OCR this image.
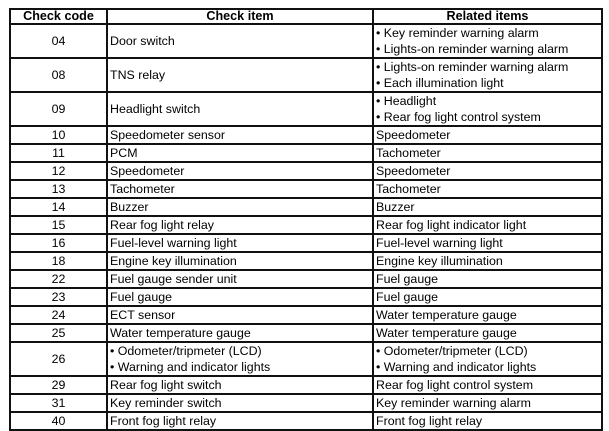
Check code	Check item	Related items
04	Door switch	• Key reminder warning alarm
• Lights-on reminder warning alarm

08	TNS relay	• Lights-on reminder warning alarm
• Each illumination light

09	Headlight switch	• Headlight
• Rear fog light control system

10	Speedometer sensor	Speedometer

11	PCM	Tachometer

12	Speedometer	Speedometer

13	Tachometer	Tachometer

14	Buzzer	Buzzer

15	Rear fog light relay	Rear fog light indicator light

16	Fuel-level warning light	Fuel-level warning light

18	Engine key illumination	Engine key illumination

22	Fuel gauge sender unit	Fuel gauge

23	Fuel gauge	Fuel gauge

24	ECT sensor	Water temperature gauge

25	Water temperature gauge	Water temperature gauge

26	• Odometer/tripmeter (LCD)
• Warning and indicator lights	• Odometer/tripmeter (LCD)
• Warning and indicator lights

29	Rear fog light switch	Rear fog light control system

31	Key reminder switch	Key reminder warning alarm

40	Front fog light relay	Front fog light relay
